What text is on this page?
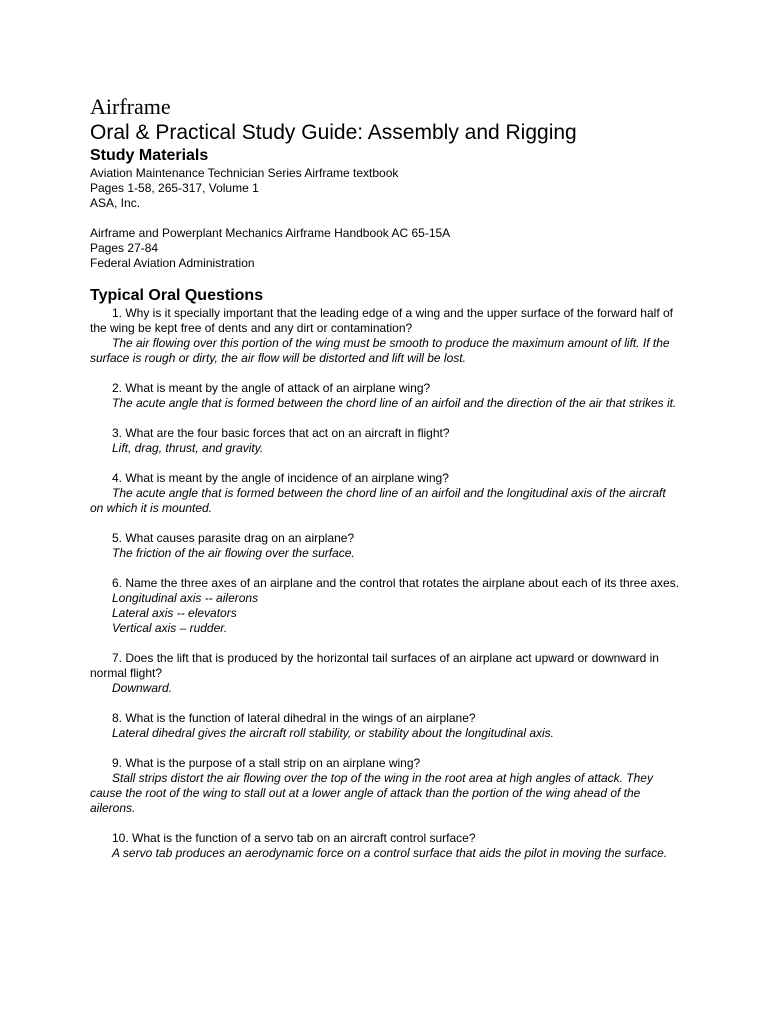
Airframe
Oral & Practical Study Guide: Assembly and Rigging
Study Materials
Aviation Maintenance Technician Series Airframe textbook
Pages 1-58, 265-317, Volume 1
ASA, Inc.
Airframe and Powerplant Mechanics Airframe Handbook AC 65-15A
Pages 27-84
Federal Aviation Administration
Typical Oral Questions
1. Why is it specially important that the leading edge of a wing and the upper surface of the forward half of the wing be kept free of dents and any dirt or contamination?
The air flowing over this portion of the wing must be smooth to produce the maximum amount of lift. If the surface is rough or dirty, the air flow will be distorted and lift will be lost.
2. What is meant by the angle of attack of an airplane wing?
The acute angle that is formed between the chord line of an airfoil and the direction of the air that strikes it.
3. What are the four basic forces that act on an aircraft in flight?
Lift, drag, thrust, and gravity.
4. What is meant by the angle of incidence of an airplane wing?
The acute angle that is formed between the chord line of an airfoil and the longitudinal axis of the aircraft on which it is mounted.
5. What causes parasite drag on an airplane?
The friction of the air flowing over the surface.
6. Name the three axes of an airplane and the control that rotates the airplane about each of its three axes.
Longitudinal axis -- ailerons
Lateral axis -- elevators
Vertical axis – rudder.
7. Does the lift that is produced by the horizontal tail surfaces of an airplane act upward or downward in normal flight?
Downward.
8. What is the function of lateral dihedral in the wings of an airplane?
Lateral dihedral gives the aircraft roll stability, or stability about the longitudinal axis.
9. What is the purpose of a stall strip on an airplane wing?
Stall strips distort the air flowing over the top of the wing in the root area at high angles of attack. They cause the root of the wing to stall out at a lower angle of attack than the portion of the wing ahead of the ailerons.
10. What is the function of a servo tab on an aircraft control surface?
A servo tab produces an aerodynamic force on a control surface that aids the pilot in moving the surface.
